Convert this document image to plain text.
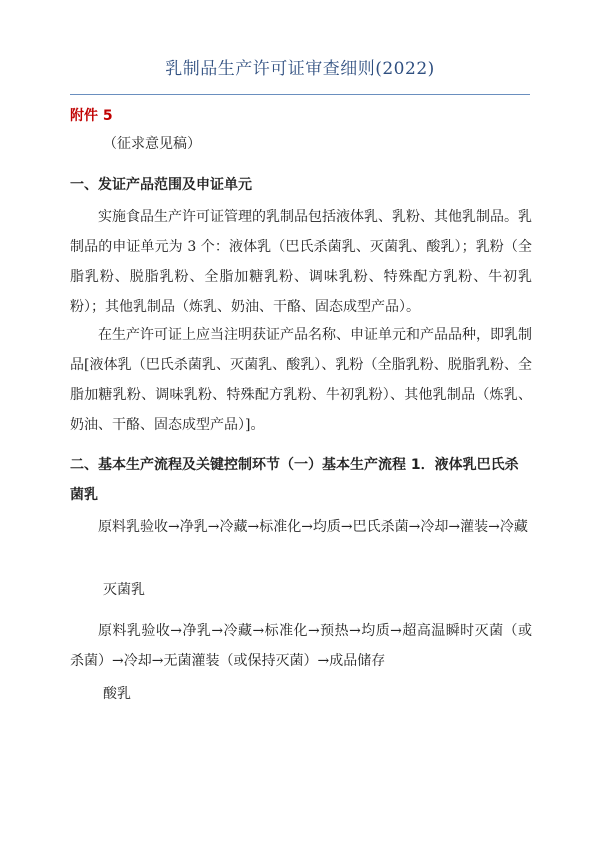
乳制品生产许可证审查细则(2022)
附件 5
（征求意见稿）
一、发证产品范围及申证单元
实施食品生产许可证管理的乳制品包括液体乳、乳粉、其他乳制品。乳制品的申证单元为 3 个：液体乳（巴氏杀菌乳、灭菌乳、酸乳）；乳粉（全脂乳粉、脱脂乳粉、全脂加糖乳粉、调味乳粉、特殊配方乳粉、牛初乳粉）；其他乳制品（炼乳、奶油、干酪、固态成型产品）。
在生产许可证上应当注明获证产品名称、申证单元和产品品种，即乳制品[液体乳（巴氏杀菌乳、灭菌乳、酸乳）、乳粉（全脂乳粉、脱脂乳粉、全脂加糖乳粉、调味乳粉、特殊配方乳粉、牛初乳粉）、其他乳制品（炼乳、奶油、干酪、固态成型产品）]。
二、基本生产流程及关键控制环节（一）基本生产流程 1．液体乳巴氏杀菌乳
原料乳验收→净乳→冷藏→标准化→均质→巴氏杀菌→冷却→灌装→冷藏
灭菌乳
原料乳验收→净乳→冷藏→标准化→预热→均质→超高温瞬时灭菌（或杀菌）→冷却→无菌灌装（或保持灭菌）→成品储存
酸乳
